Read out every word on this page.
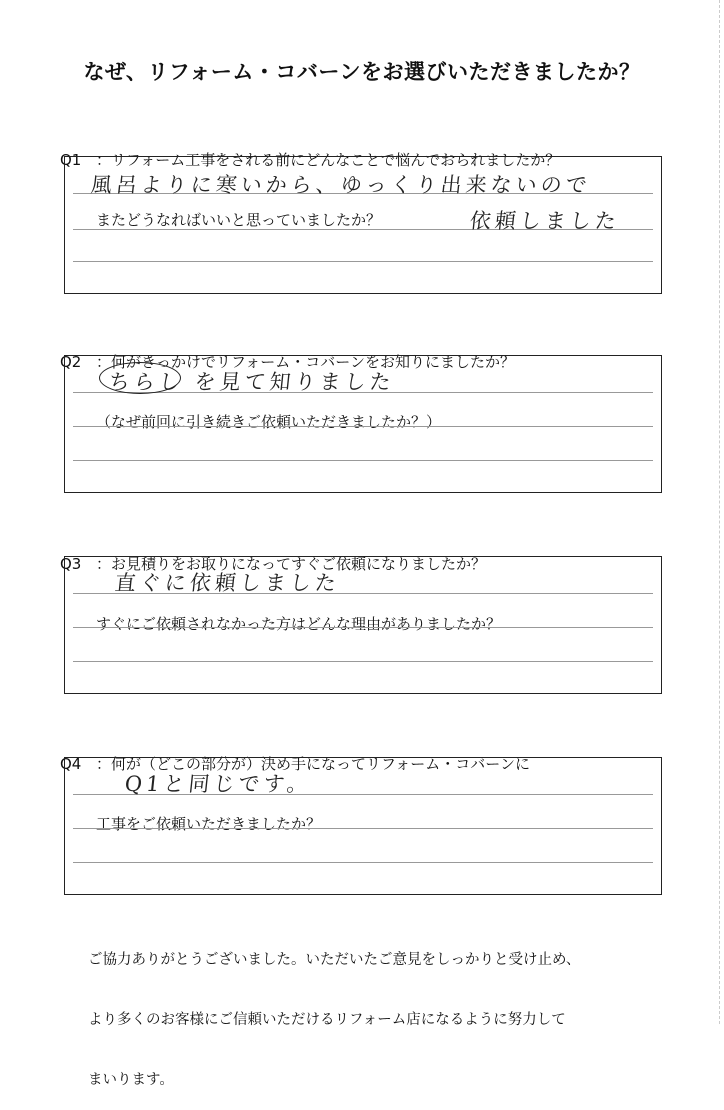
なぜ、リフォーム・コバーンをお選びいただきましたか？

Q1 ：リフォーム工事をされる前にどんなことで悩んでおられましたか？

またどうなればいいと思っていましたか？

風呂よりに寒いから、ゆっくり出来ないので
依頼しました

Q2 ：何がきっかけでリフォーム・コバーンをお知りにましたか？

（なぜ前回に引き続きご依頼いただきましたか？）

ちらし を見て知りました

Q3 ：お見積りをお取りになってすぐご依頼になりましたか？

すぐにご依頼されなかった方はどんな理由がありましたか？

直ぐに依頼しました

Q4 ：何が（どこの部分が）決め手になってリフォーム・コバーンに

工事をご依頼いただきましたか？

Q1と同じです。

ご協力ありがとうございました。いただいたご意見をしっかりと受け止め、

より多くのお客様にご信頼いただけるリフォーム店になるように努力して

まいります。
